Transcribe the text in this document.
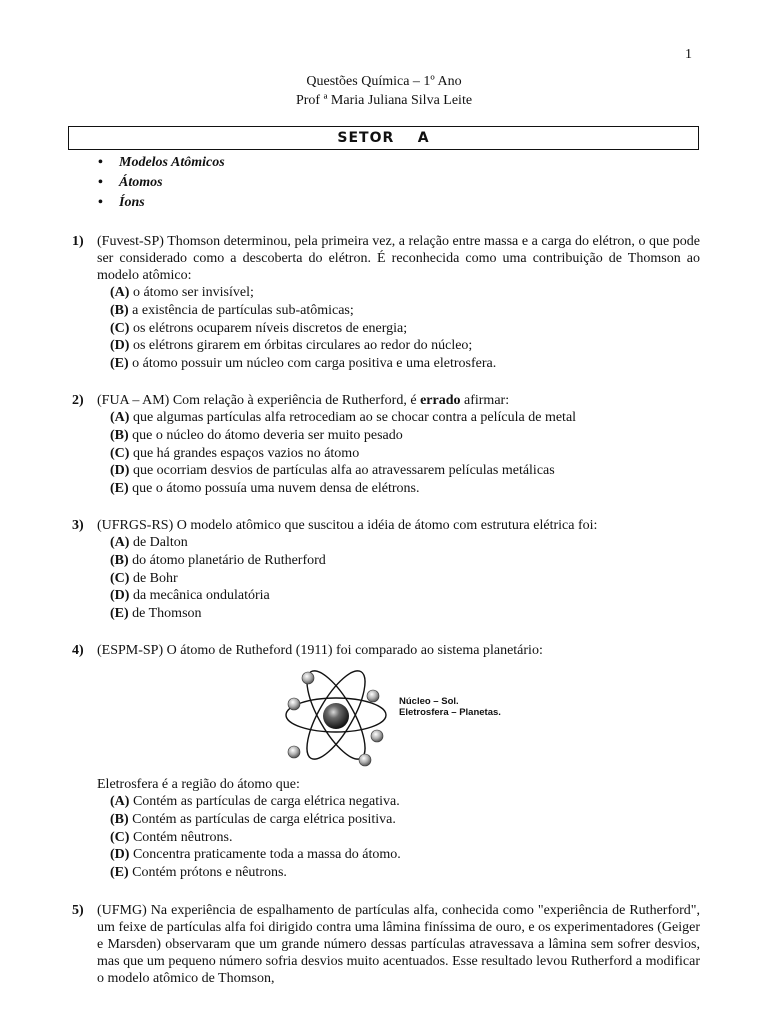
1
Questões Química – 1º Ano
Prof ª Maria Juliana Silva Leite
SETOR    A
• Modelos Atômicos
• Átomos
• Íons
1) (Fuvest-SP) Thomson determinou, pela primeira vez, a relação entre massa e a carga do elétron, o que pode ser considerado como a descoberta do elétron. É reconhecida como uma contribuição de Thomson ao modelo atômico:
(A) o átomo ser invisível;
(B) a existência de partículas sub-atômicas;
(C) os elétrons ocuparem níveis discretos de energia;
(D) os elétrons girarem em órbitas circulares ao redor do núcleo;
(E) o átomo possuir um núcleo com carga positiva e uma eletrosfera.
2) (FUA – AM) Com relação à experiência de Rutherford, é errado afirmar:
(A) que algumas partículas alfa retrocediam ao se chocar contra a película de metal
(B) que o núcleo do átomo deveria ser muito pesado
(C) que há grandes espaços vazios no átomo
(D) que ocorriam desvios de partículas alfa ao atravessarem películas metálicas
(E) que o átomo possuía uma nuvem densa de elétrons.
3) (UFRGS-RS) O modelo atômico que suscitou a idéia de átomo com estrutura elétrica foi:
(A) de Dalton
(B) do átomo planetário de Rutherford
(C) de Bohr
(D) da mecânica ondulatória
(E) de Thomson
4) (ESPM-SP) O átomo de Rutheford (1911) foi comparado ao sistema planetário:
Núcleo – Sol.
Eletrosfera – Planetas.
Eletrosfera é a região do átomo que:
(A) Contém as partículas de carga elétrica negativa.
(B) Contém as partículas de carga elétrica positiva.
(C) Contém nêutrons.
(D) Concentra praticamente toda a massa do átomo.
(E) Contém prótons e nêutrons.
5) (UFMG) Na experiência de espalhamento de partículas alfa, conhecida como "experiência de Rutherford", um feixe de partículas alfa foi dirigido contra uma lâmina finíssima de ouro, e os experimentadores (Geiger e Marsden) observaram que um grande número dessas partículas atravessava a lâmina sem sofrer desvios, mas que um pequeno número sofria desvios muito acentuados. Esse resultado levou Rutherford a modificar o modelo atômico de Thomson,
